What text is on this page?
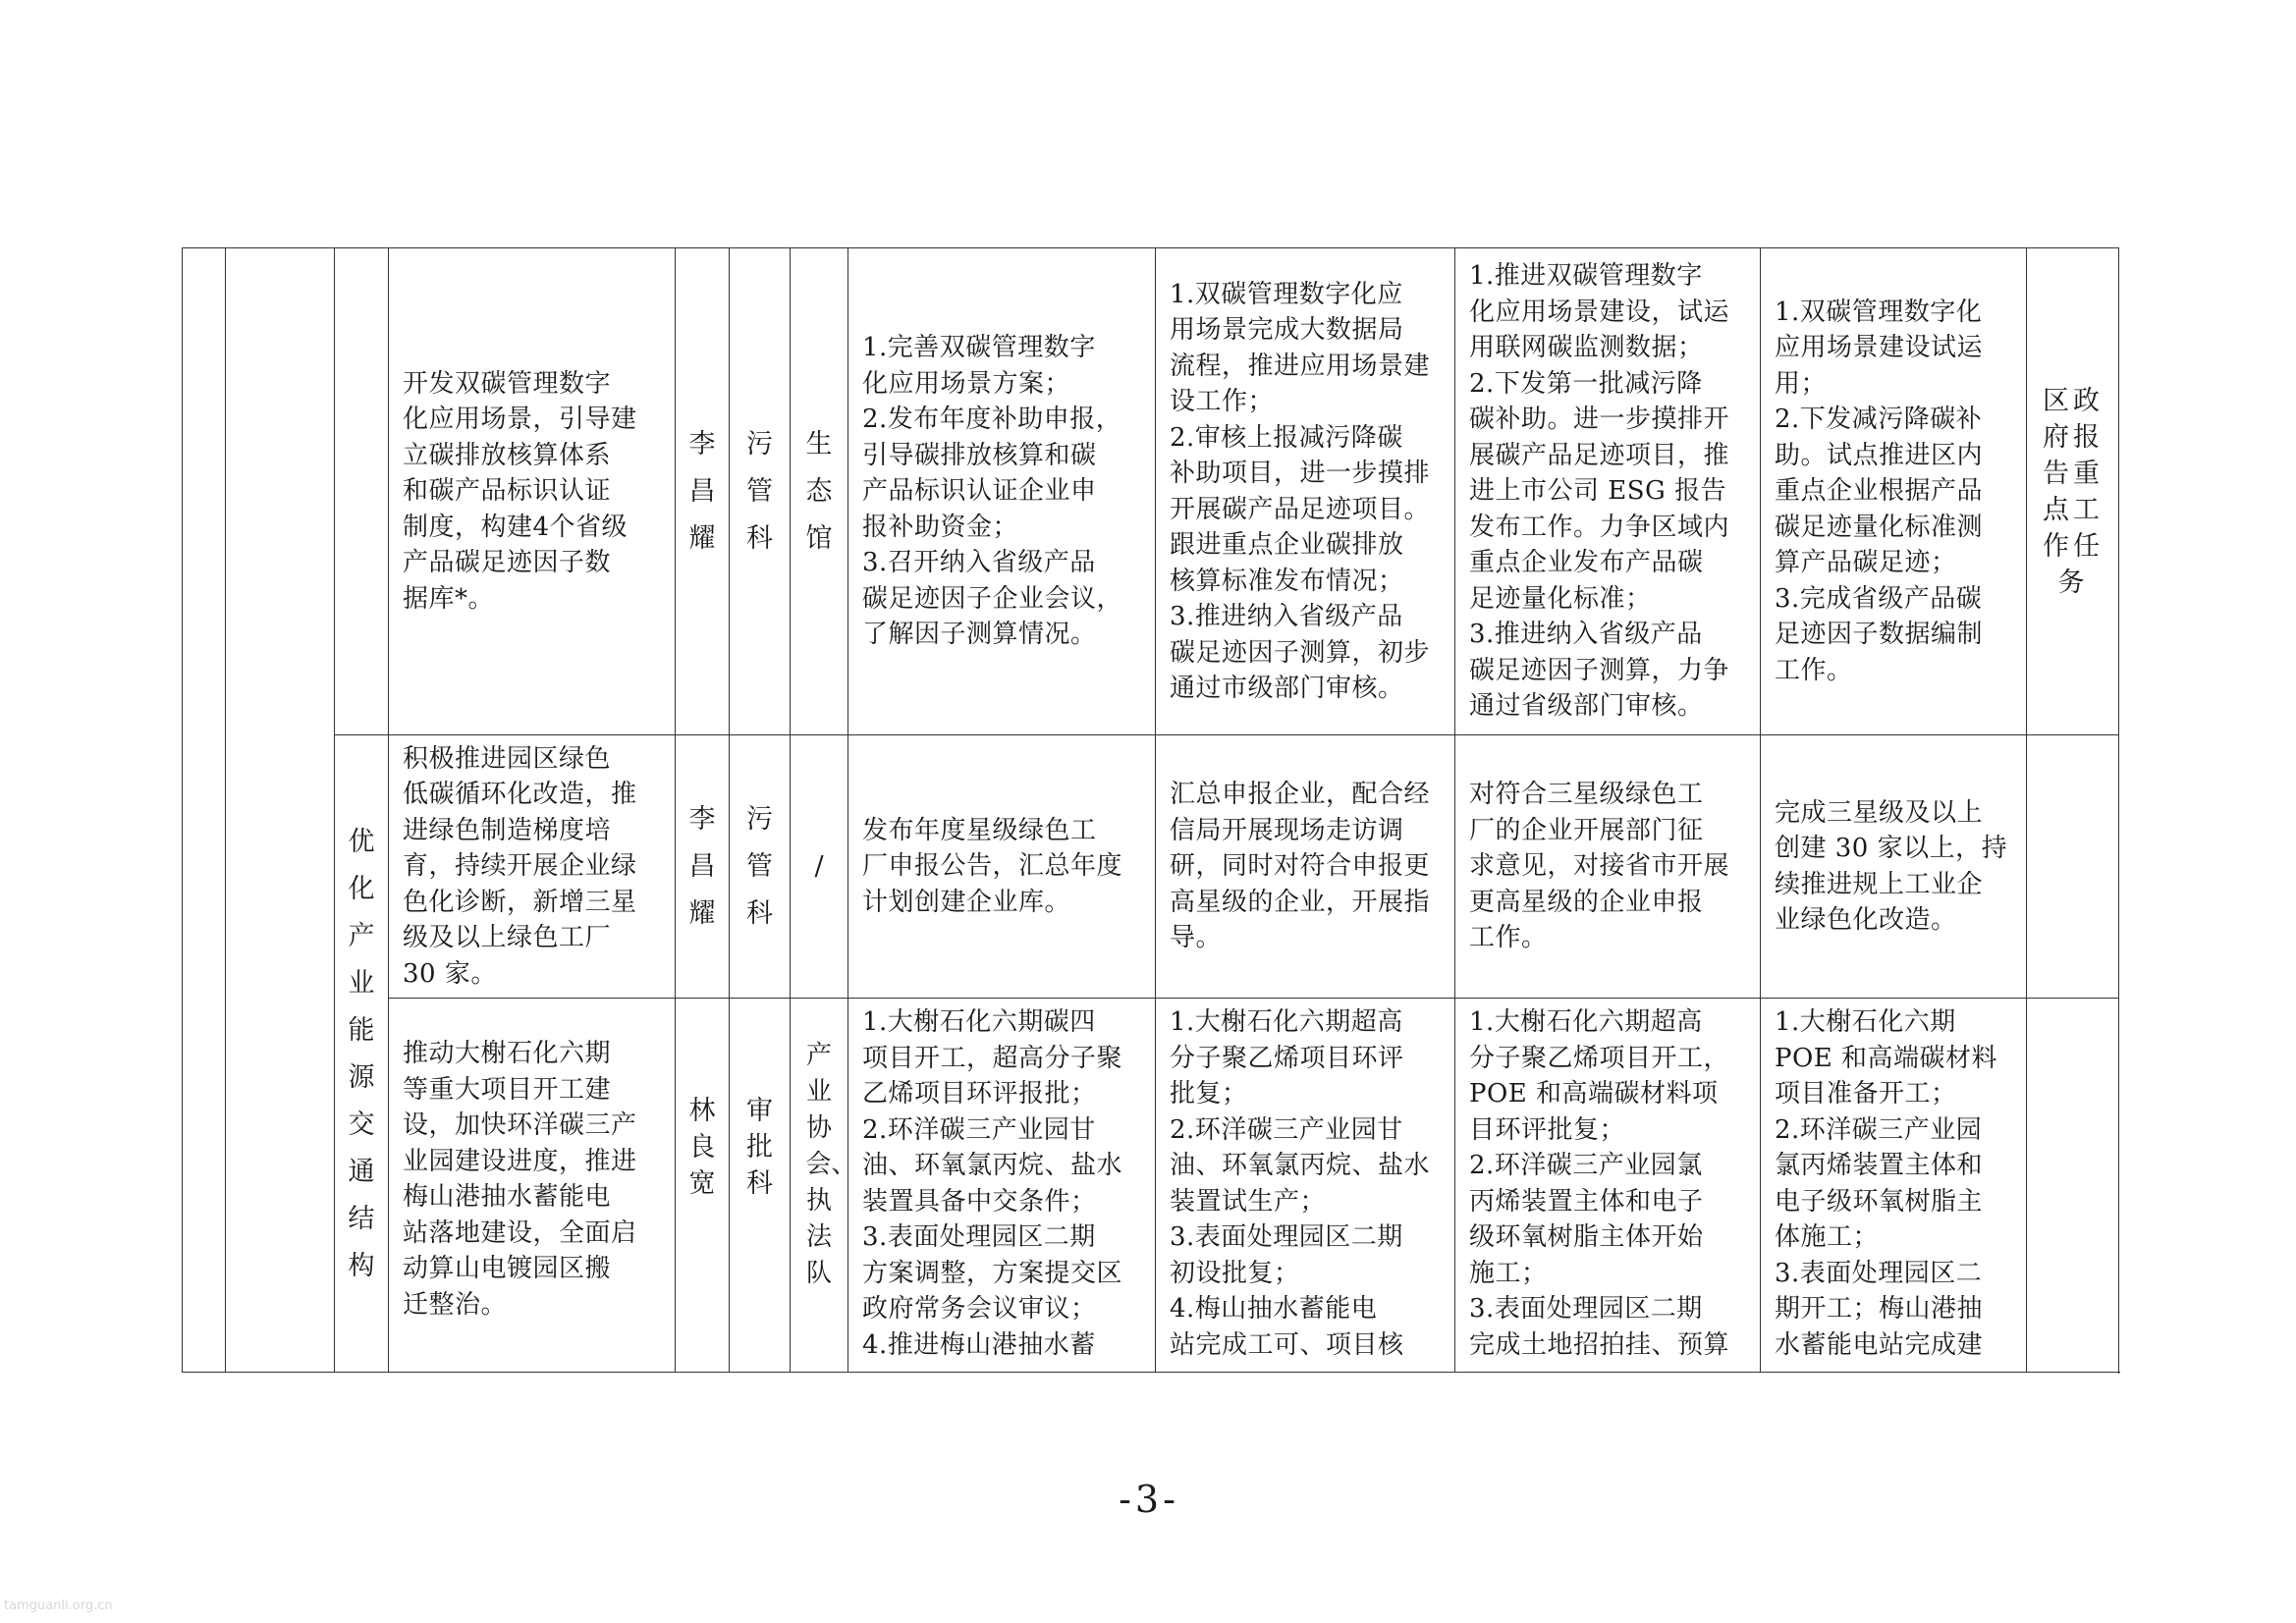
开发双碳管理数字
化应用场景，引导建
立碳排放核算体系
和碳产品标识认证
制度，构建4个省级
产品碳足迹因子数
据库*。
李昌耀
污管科
生态馆
1.完善双碳管理数字
化应用场景方案；
2.发布年度补助申报，
引导碳排放核算和碳
产品标识认证企业申
报补助资金；
3.召开纳入省级产品
碳足迹因子企业会议，
了解因子测算情况。
1.双碳管理数字化应
用场景完成大数据局
流程，推进应用场景建
设工作；
2.审核上报减污降碳
补助项目，进一步摸排
开展碳产品足迹项目。
跟进重点企业碳排放
核算标准发布情况；
3.推进纳入省级产品
碳足迹因子测算，初步
通过市级部门审核。
1.推进双碳管理数字
化应用场景建设，试运
用联网碳监测数据；
2.下发第一批减污降
碳补助。进一步摸排开
展碳产品足迹项目，推
进上市公司 ESG 报告
发布工作。力争区域内
重点企业发布产品碳
足迹量化标准；
3.推进纳入省级产品
碳足迹因子测算，力争
通过省级部门审核。
1.双碳管理数字化
应用场景建设试运
用；
2.下发减污降碳补
助。试点推进区内
重点企业根据产品
碳足迹量化标准测
算产品碳足迹；
3.完成省级产品碳
足迹因子数据编制
工作。
区政府报告重点工作任务
优化产业能源交通结构
积极推进园区绿色
低碳循环化改造，推
进绿色制造梯度培
育，持续开展企业绿
色化诊断，新增三星
级及以上绿色工厂
30 家。
李昌耀
污管科
/
发布年度星级绿色工
厂申报公告，汇总年度
计划创建企业库。
汇总申报企业，配合经
信局开展现场走访调
研，同时对符合申报更
高星级的企业，开展指
导。
对符合三星级绿色工
厂的企业开展部门征
求意见，对接省市开展
更高星级的企业申报
工作。
完成三星级及以上
创建 30 家以上，持
续推进规上工业企
业绿色化改造。
推动大榭石化六期
等重大项目开工建
设，加快环洋碳三产
业园建设进度，推进
梅山港抽水蓄能电
站落地建设，全面启
动算山电镀园区搬
迁整治。
林良宽
审批科
产业协会、执法队
1.大榭石化六期碳四
项目开工，超高分子聚
乙烯项目环评报批；
2.环洋碳三产业园甘
油、环氧氯丙烷、盐水
装置具备中交条件；
3.表面处理园区二期
方案调整，方案提交区
政府常务会议审议；
4.推进梅山港抽水蓄
1.大榭石化六期超高
分子聚乙烯项目环评
批复；
2.环洋碳三产业园甘
油、环氧氯丙烷、盐水
装置试生产；
3.表面处理园区二期
初设批复；
4.梅山抽水蓄能电
站完成工可、项目核
1.大榭石化六期超高
分子聚乙烯项目开工，
POE 和高端碳材料项
目环评批复；
2.环洋碳三产业园氯
丙烯装置主体和电子
级环氧树脂主体开始
施工；
3.表面处理园区二期
完成土地招拍挂、预算
1.大榭石化六期
POE 和高端碳材料
项目准备开工；
2.环洋碳三产业园
氯丙烯装置主体和
电子级环氧树脂主
体施工；
3.表面处理园区二
期开工；梅山港抽
水蓄能电站完成建
-3-
tamguanli.org.cn
